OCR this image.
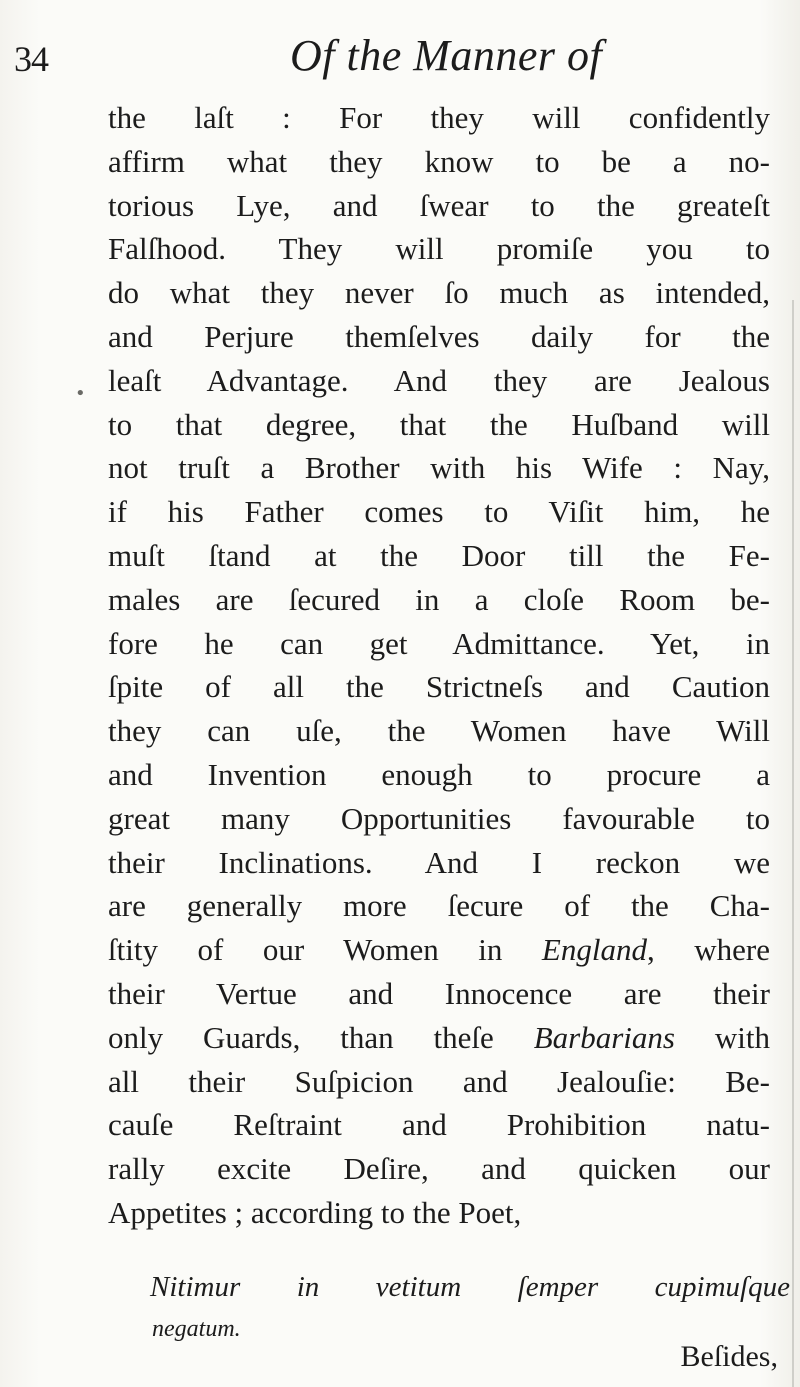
34	Of the Manner of
•
the laſt : For they will confidently
affirm what they know to be a no-
torious Lye, and ſwear to the greateſt
Falſhood. They will promiſe you to
do what they never ſo much as intended,
and Perjure themſelves daily for the
leaſt Advantage. And they are Jealous
to that degree, that the Huſband will
not truſt a Brother with his Wife : Nay,
if his Father comes to Viſit him, he
muſt ſtand at the Door till the Fe-
males are ſecured in a cloſe Room be-
fore he can get Admittance. Yet, in
ſpite of all the Strictneſs and Caution
they can uſe, the Women have Will
and Invention enough to procure a
great many Opportunities favourable to
their Inclinations. And I reckon we
are generally more ſecure of the Cha-
ſtity of our Women in England, where
their Vertue and Innocence are their
only Guards, than theſe Barbarians with
all their Suſpicion and Jealouſie: Be-
cauſe Reſtraint and Prohibition natu-
rally excite Deſire, and quicken our
Appetites ; according to the Poet,
Nitimur in vetitum ſemper cupimuſque
negatum.
Beſides,
